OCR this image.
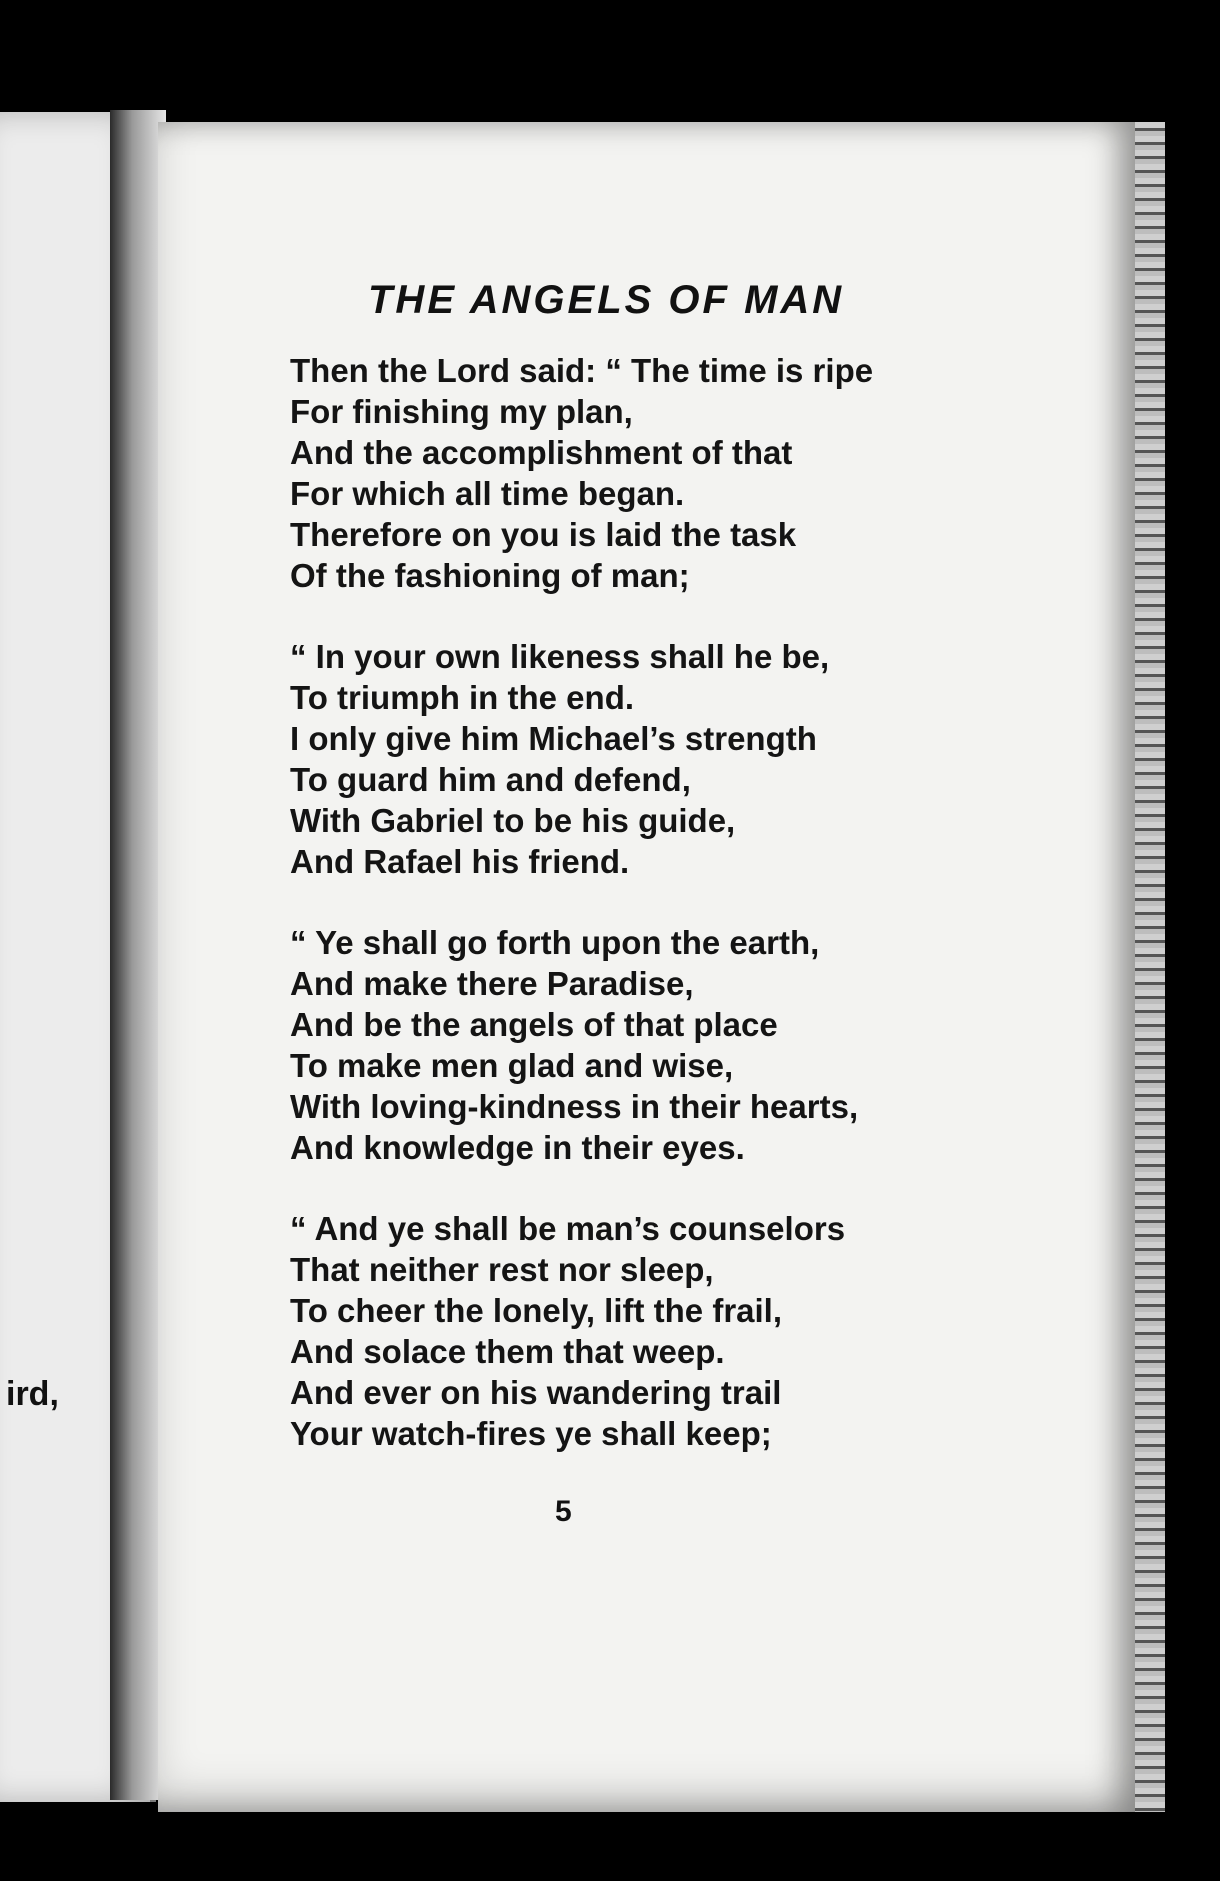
ird,
THE ANGELS OF MAN
Then the Lord said: “ The time is ripe
For finishing my plan,
And the accomplishment of that
For which all time began.
Therefore on you is laid the task
Of the fashioning of man;
“ In your own likeness shall he be,
To triumph in the end.
I only give him Michael’s strength
To guard him and defend,
With Gabriel to be his guide,
And Rafael his friend.
“ Ye shall go forth upon the earth,
And make there Paradise,
And be the angels of that place
To make men glad and wise,
With loving-kindness in their hearts,
And knowledge in their eyes.
“ And ye shall be man’s counselors
That neither rest nor sleep,
To cheer the lonely, lift the frail,
And solace them that weep.
And ever on his wandering trail
Your watch-fires ye shall keep;
5
